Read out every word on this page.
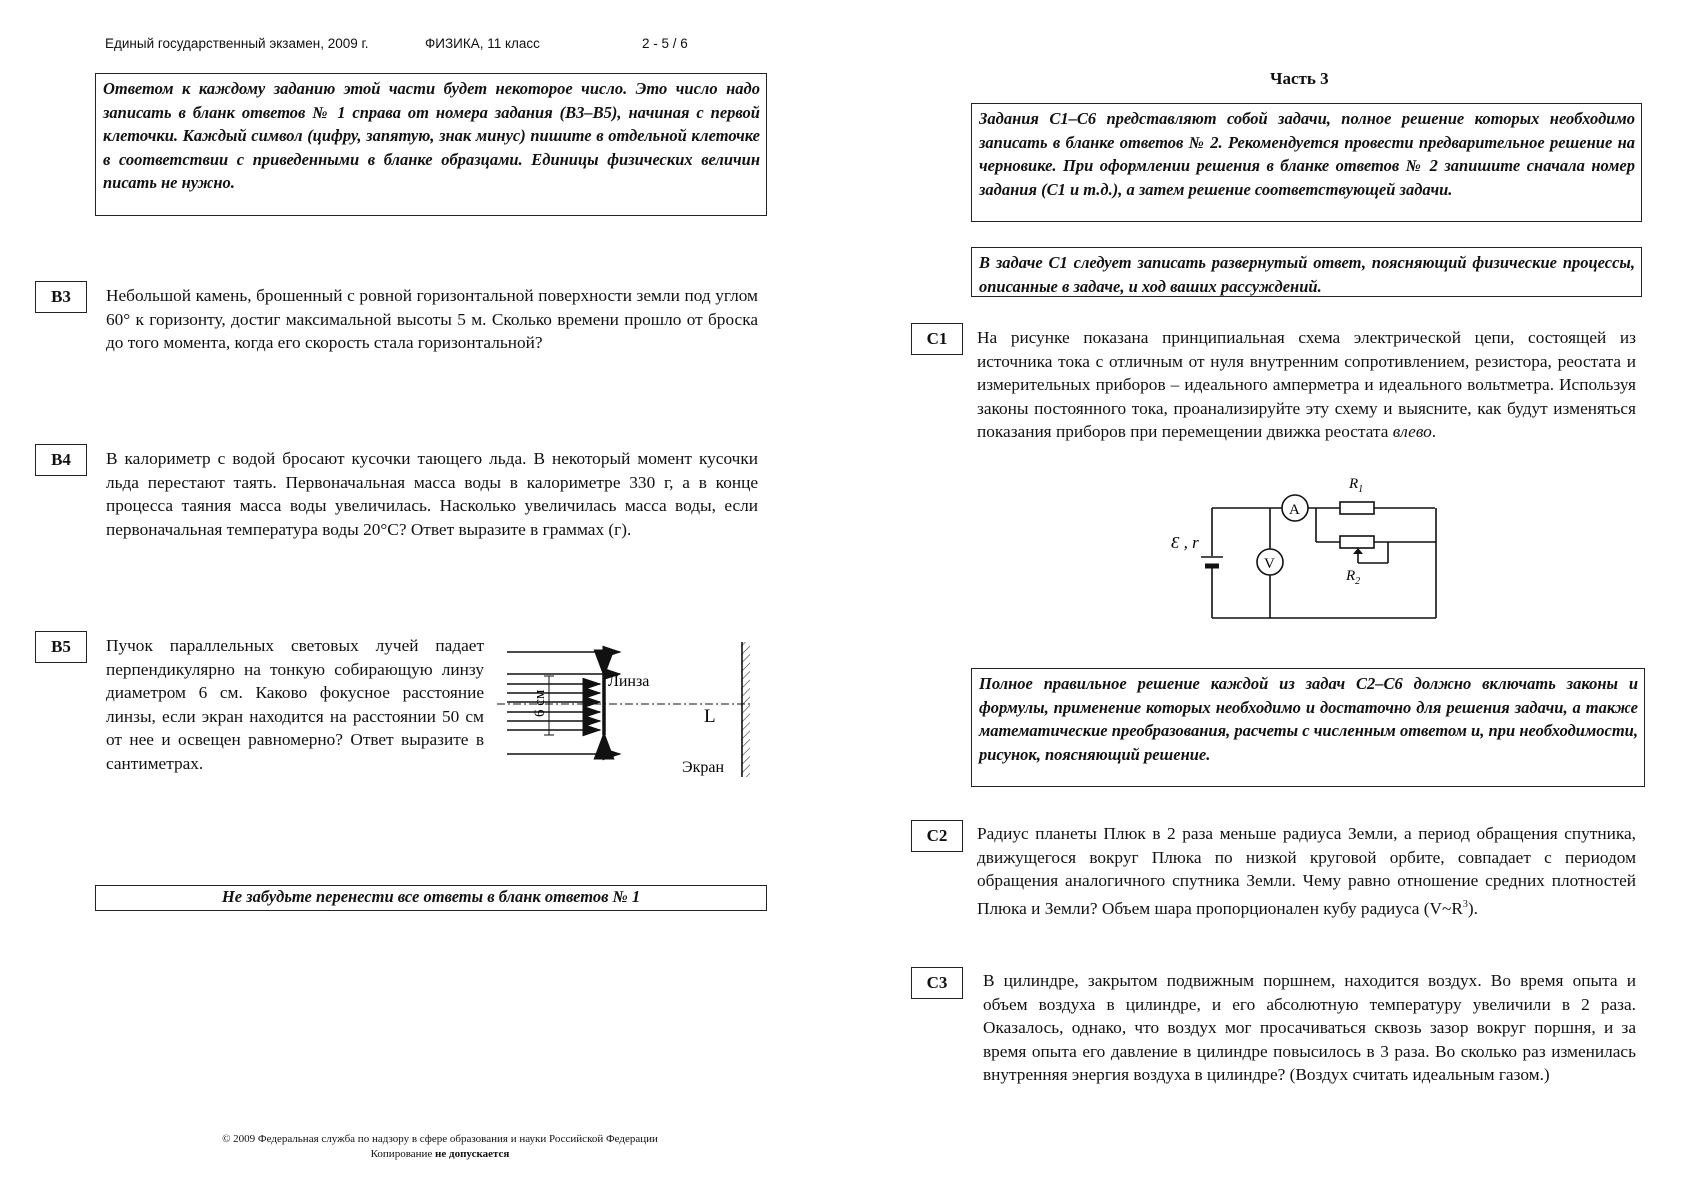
Единый государственный экзамен, 2009 г.	ФИЗИКА, 11 класс	2 - 5 / 6
Ответом к каждому заданию этой части будет некоторое число. Это число надо записать в бланк ответов № 1 справа от номера задания (В3–В5), начиная с первой клеточки. Каждый символ (цифру, запятую, знак минус) пишите в отдельной клеточке в соответствии с приведенными в бланке образцами. Единицы физических величин писать не нужно.
B3	Небольшой камень, брошенный с ровной горизонтальной поверхности земли под углом 60° к горизонту, достиг максимальной высоты 5 м. Сколько времени прошло от броска до того момента, когда его скорость стала горизонтальной?
B4	В калориметр с водой бросают кусочки тающего льда. В некоторый момент кусочки льда перестают таять. Первоначальная масса воды в калориметре 330 г, а в конце процесса таяния масса воды увеличилась. Насколько увеличилась масса воды, если первоначальная температура воды 20°С? Ответ выразите в граммах (г).
B5	Пучок параллельных световых лучей падает перпендикулярно на тонкую собирающую линзу диаметром 6 см. Каково фокусное расстояние линзы, если экран находится на расстоянии 50 см от нее и освещен равномерно? Ответ выразите в сантиметрах.
6 см
Линза
L
Экран
Не забудьте перенести все ответы в бланк ответов № 1
© 2009 Федеральная служба по надзору в сфере образования и науки Российской Федерации
Копирование не допускается
Часть 3
Задания С1–С6 представляют собой задачи, полное решение которых необходимо записать в бланке ответов № 2. Рекомендуется провести предварительное решение на черновике. При оформлении решения в бланке ответов № 2 запишите сначала номер задания (С1 и т.д.), а затем решение соответствующей задачи.
В задаче С1 следует записать развернутый ответ, поясняющий физические процессы, описанные в задаче, и ход ваших рассуждений.
C1	На рисунке показана принципиальная схема электрической цепи, состоящей из источника тока с отличным от нуля внутренним сопротивлением, резистора, реостата и измерительных приборов – идеального амперметра и идеального вольтметра. Используя законы постоянного тока, проанализируйте эту схему и выясните, как будут изменяться показания приборов при перемещении движка реостата влево.
Ɛ , r
A
V
$R_1$
$R_2$
Полное правильное решение каждой из задач С2–С6 должно включать законы и формулы, применение которых необходимо и достаточно для решения задачи, а также математические преобразования, расчеты с численным ответом и, при необходимости, рисунок, поясняющий решение.
C2	Радиус планеты Плюк в 2 раза меньше радиуса Земли, а период обращения спутника, движущегося вокруг Плюка по низкой круговой орбите, совпадает с периодом обращения аналогичного спутника Земли. Чему равно отношение средних плотностей Плюка и Земли? Объем шара пропорционален кубу радиуса $(V\sim R^3)$.
C3	В цилиндре, закрытом подвижным поршнем, находится воздух. Во время опыта и объем воздуха в цилиндре, и его абсолютную температуру увеличили в 2 раза. Оказалось, однако, что воздух мог просачиваться сквозь зазор вокруг поршня, и за время опыта его давление в цилиндре повысилось в 3 раза. Во сколько раз изменилась внутренняя энергия воздуха в цилиндре? (Воздух считать идеальным газом.)
